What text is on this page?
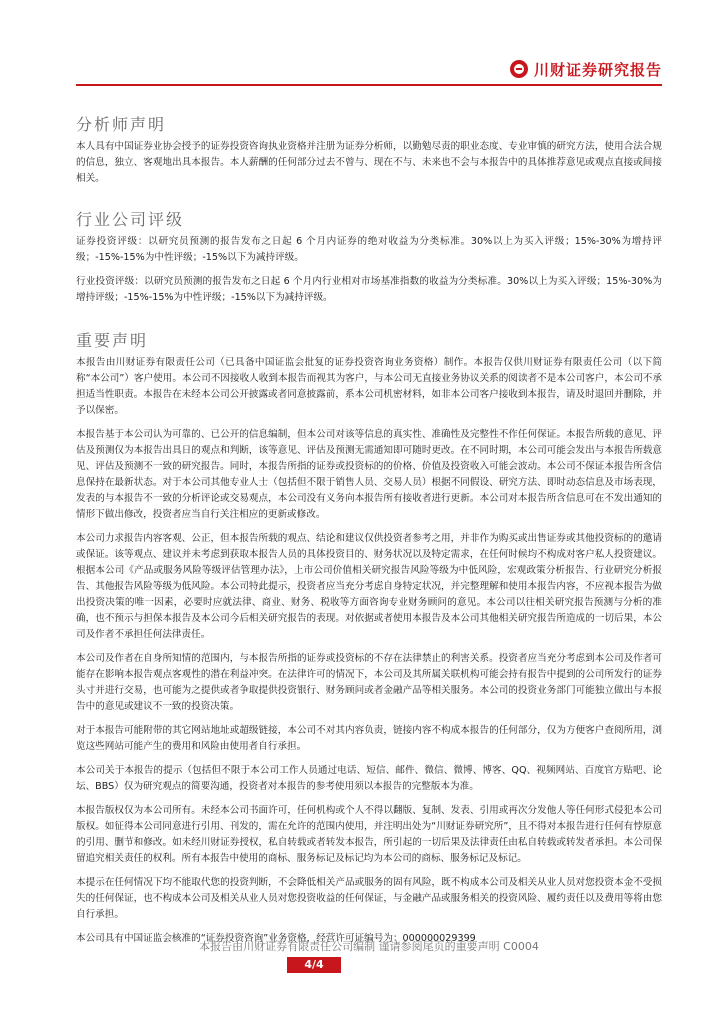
川财证券研究报告
分析师声明

本人具有中国证券业协会授予的证券投资咨询执业资格并注册为证券分析师，以勤勉尽责的职业态度、专业审慎的研究方法，使用合法合规的信息，独立、客观地出具本报告。本人薪酬的任何部分过去不曾与、现在不与、未来也不会与本报告中的具体推荐意见或观点直接或间接相关。

行业公司评级

证券投资评级：以研究员预测的报告发布之日起 6 个月内证券的绝对收益为分类标准。30%以上为买入评级；15%-30%为增持评级；-15%-15%为中性评级；-15%以下为减持评级。

行业投资评级：以研究员预测的报告发布之日起 6 个月内行业相对市场基准指数的收益为分类标准。30%以上为买入评级；15%-30%为增持评级；-15%-15%为中性评级；-15%以下为减持评级。

重要声明

本报告由川财证券有限责任公司（已具备中国证监会批复的证券投资咨询业务资格）制作。本报告仅供川财证券有限责任公司（以下简称“本公司”）客户使用。本公司不因接收人收到本报告而视其为客户，与本公司无直接业务协议关系的阅读者不是本公司客户，本公司不承担适当性职责。本报告在未经本公司公开披露或者同意披露前，系本公司机密材料，如非本公司客户接收到本报告，请及时退回并删除，并予以保密。

本报告基于本公司认为可靠的、已公开的信息编制，但本公司对该等信息的真实性、准确性及完整性不作任何保证。本报告所载的意见、评估及预测仅为本报告出具日的观点和判断，该等意见、评估及预测无需通知即可随时更改。在不同时期，本公司可能会发出与本报告所载意见、评估及预测不一致的研究报告。同时，本报告所指的证券或投资标的的价格、价值及投资收入可能会波动。本公司不保证本报告所含信息保持在最新状态。对于本公司其他专业人士（包括但不限于销售人员、交易人员）根据不同假设、研究方法、即时动态信息及市场表现，发表的与本报告不一致的分析评论或交易观点，本公司没有义务向本报告所有接收者进行更新。本公司对本报告所含信息可在不发出通知的情形下做出修改，投资者应当自行关注相应的更新或修改。

本公司力求报告内容客观、公正，但本报告所载的观点、结论和建议仅供投资者参考之用，并非作为购买或出售证券或其他投资标的的邀请或保证。该等观点、建议并未考虑到获取本报告人员的具体投资目的、财务状况以及特定需求，在任何时候均不构成对客户私人投资建议。根据本公司《产品或服务风险等级评估管理办法》，上市公司价值相关研究报告风险等级为中低风险，宏观政策分析报告、行业研究分析报告、其他报告风险等级为低风险。本公司特此提示，投资者应当充分考虑自身特定状况，并完整理解和使用本报告内容，不应视本报告为做出投资决策的唯一因素，必要时应就法律、商业、财务、税收等方面咨询专业财务顾问的意见。本公司以往相关研究报告预测与分析的准确，也不预示与担保本报告及本公司今后相关研究报告的表现。对依据或者使用本报告及本公司其他相关研究报告所造成的一切后果，本公司及作者不承担任何法律责任。

本公司及作者在自身所知情的范围内，与本报告所指的证券或投资标的不存在法律禁止的利害关系。投资者应当充分考虑到本公司及作者可能存在影响本报告观点客观性的潜在利益冲突。在法律许可的情况下，本公司及其所属关联机构可能会持有报告中提到的公司所发行的证券头寸并进行交易，也可能为之提供或者争取提供投资银行、财务顾问或者金融产品等相关服务。本公司的投资业务部门可能独立做出与本报告中的意见或建议不一致的投资决策。

对于本报告可能附带的其它网站地址或超级链接，本公司不对其内容负责，链接内容不构成本报告的任何部分，仅为方便客户查阅所用，浏览这些网站可能产生的费用和风险由使用者自行承担。

本公司关于本报告的提示（包括但不限于本公司工作人员通过电话、短信、邮件、微信、微博、博客、QQ、视频网站、百度官方贴吧、论坛、BBS）仅为研究观点的简要沟通，投资者对本报告的参考使用须以本报告的完整版本为准。

本报告版权仅为本公司所有。未经本公司书面许可，任何机构或个人不得以翻版、复制、发表、引用或再次分发他人等任何形式侵犯本公司版权。如征得本公司同意进行引用、刊发的，需在允许的范围内使用，并注明出处为“川财证券研究所”，且不得对本报告进行任何有悖原意的引用、删节和修改。如未经川财证券授权，私自转载或者转发本报告，所引起的一切后果及法律责任由私自转载或转发者承担。本公司保留追究相关责任的权利。所有本报告中使用的商标、服务标记及标记均为本公司的商标、服务标记及标记。

本提示在任何情况下均不能取代您的投资判断，不会降低相关产品或服务的固有风险，既不构成本公司及相关从业人员对您投资本金不受损失的任何保证，也不构成本公司及相关从业人员对您投资收益的任何保证，与金融产品或服务相关的投资风险、履约责任以及费用等将由您自行承担。

本公司具有中国证监会核准的“证券投资咨询”业务资格，经营许可证编号为：000000029399

本报告由川财证券有限责任公司编制 谨请参阅尾页的重要声明 C0004
4/4
